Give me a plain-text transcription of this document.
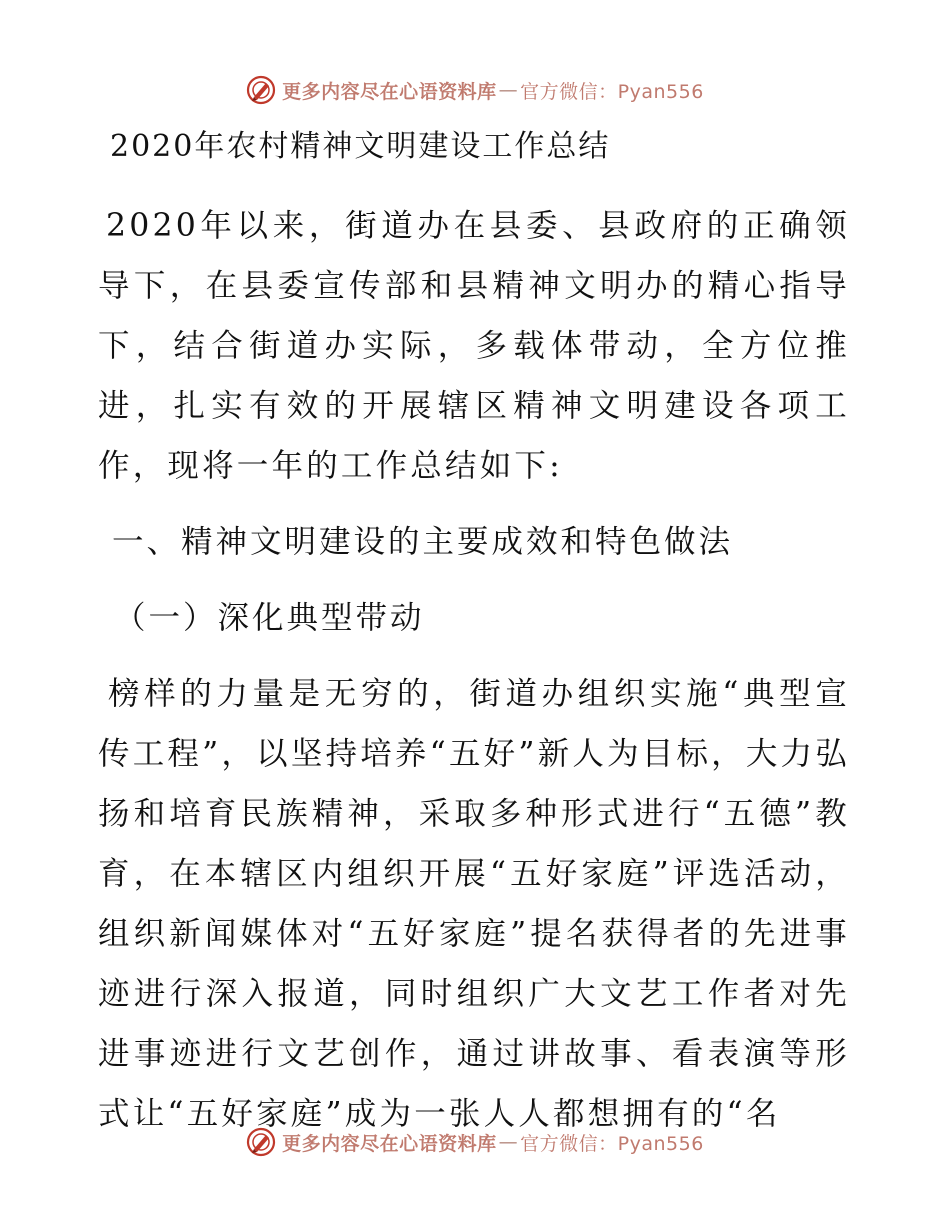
更多内容尽在心语资料库 — 官方微信：Pyan556
2020年农村精神文明建设工作总结

2020年以来，街道办在县委、县政府的正确领导下，在县委宣传部和县精神文明办的精心指导下，结合街道办实际，多载体带动，全方位推进，扎实有效的开展辖区精神文明建设各项工作，现将一年的工作总结如下:

一、精神文明建设的主要成效和特色做法
（一）深化典型带动

榜样的力量是无穷的，街道办组织实施“典型宣传工程”，以坚持培养“五好”新人为目标，大力弘扬和培育民族精神，采取多种形式进行“五德”教育，在本辖区内组织开展“五好家庭”评选活动，组织新闻媒体对“五好家庭”提名获得者的先进事迹进行深入报道，同时组织广大文艺工作者对先进事迹进行文艺创作，通过讲故事、看表演等形式让“五好家庭”成为一张人人都想拥有的“名

更多内容尽在心语资料库 — 官方微信：Pyan556
